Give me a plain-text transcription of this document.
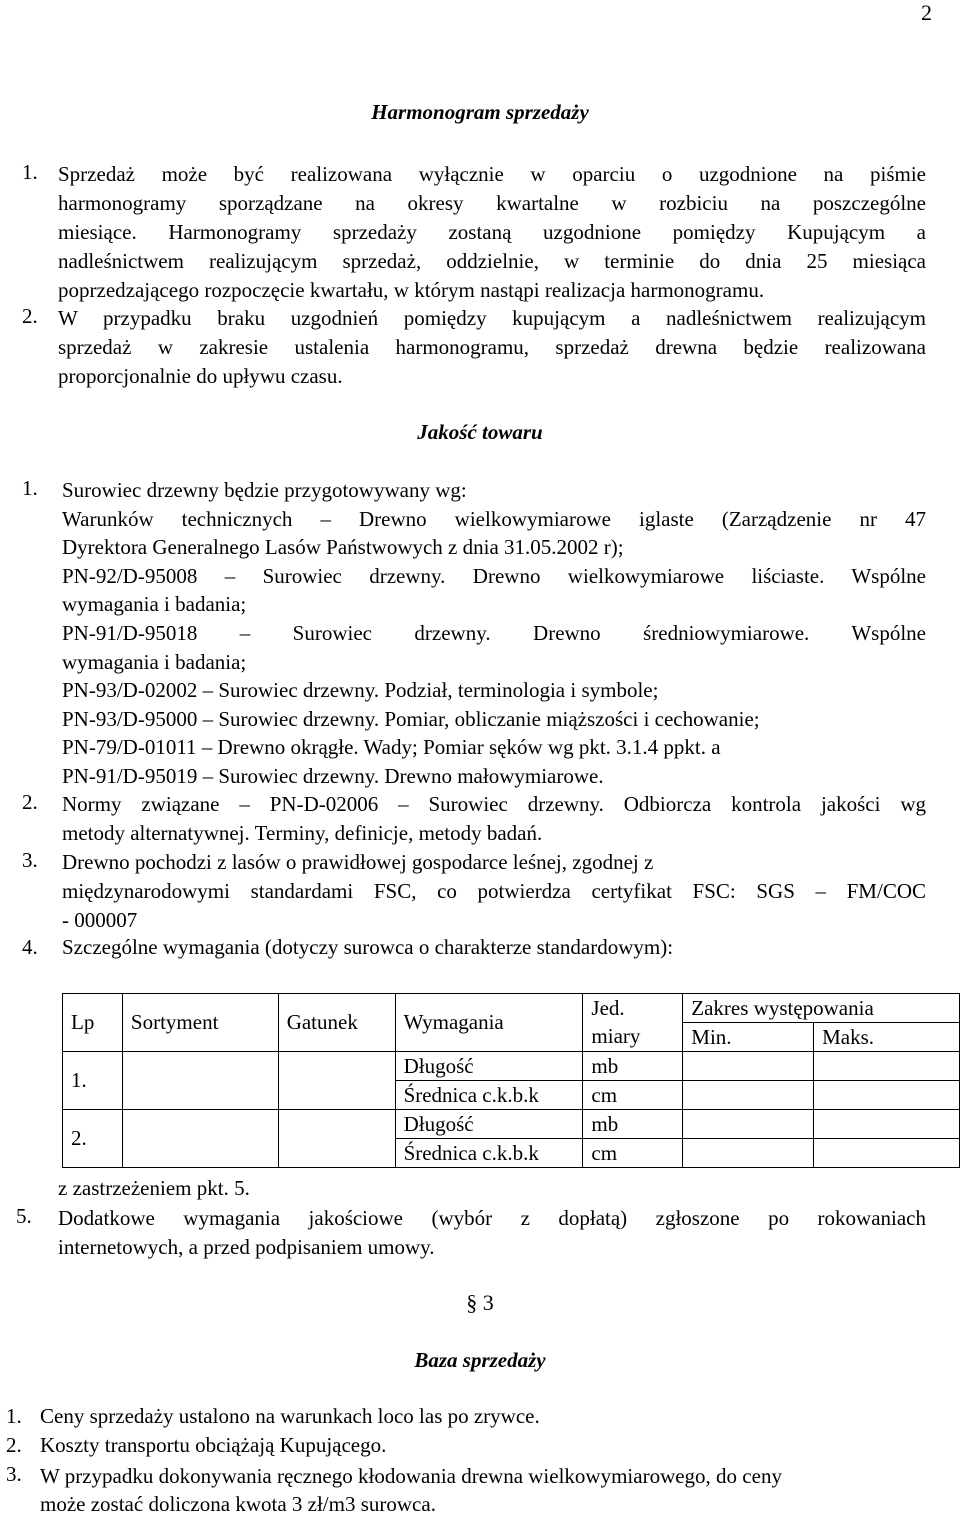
2
Harmonogram sprzedaży
1. Sprzedaż może być realizowana wyłącznie w oparciu o uzgodnione na piśmie
harmonogramy sporządzane na okresy kwartalne w rozbiciu na poszczególne
miesiące. Harmonogramy sprzedaży zostaną uzgodnione pomiędzy Kupującym a
nadleśnictwem realizującym sprzedaż, oddzielnie, w terminie do dnia 25 miesiąca
poprzedzającego rozpoczęcie kwartału, w którym nastąpi realizacja harmonogramu.
2. W przypadku braku uzgodnień pomiędzy kupującym a nadleśnictwem realizującym
sprzedaż w zakresie ustalenia harmonogramu, sprzedaż drewna będzie realizowana
proporcjonalnie do upływu czasu.
Jakość towaru
1. Surowiec drzewny będzie przygotowywany wg:
Warunków technicznych – Drewno wielkowymiarowe iglaste (Zarządzenie nr 47
Dyrektora Generalnego Lasów Państwowych z dnia 31.05.2002 r);
PN-92/D-95008 – Surowiec drzewny. Drewno wielkowymiarowe liściaste. Wspólne
wymagania i badania;
PN-91/D-95018 – Surowiec drzewny. Drewno średniowymiarowe. Wspólne
wymagania i badania;
PN-93/D-02002 – Surowiec drzewny. Podział, terminologia i symbole;
PN-93/D-95000 – Surowiec drzewny. Pomiar, obliczanie miąższości i cechowanie;
PN-79/D-01011 – Drewno okrągłe. Wady; Pomiar sęków wg pkt. 3.1.4 ppkt. a
PN-91/D-95019 – Surowiec drzewny. Drewno małowymiarowe.
2. Normy związane – PN-D-02006 – Surowiec drzewny. Odbiorcza kontrola jakości wg
metody alternatywnej. Terminy, definicje, metody badań.
3. Drewno pochodzi z lasów o prawidłowej gospodarce leśnej, zgodnej z
międzynarodowymi standardami FSC, co potwierdza certyfikat FSC: SGS – FM/COC
- 000007
4. Szczególne wymagania (dotyczy surowca o charakterze standardowym):
Lp	Sortyment	Gatunek	Wymagania	Jed.	Zakres występowania	
				miary	Min.	Maks.
1.			Długość	mb		
			Średnica c.k.b.k	cm		
2.			Długość	mb		
			Średnica c.k.b.k	cm		
z zastrzeżeniem pkt. 5.
5. Dodatkowe wymagania jakościowe (wybór z dopłatą) zgłoszone po rokowaniach
internetowych, a przed podpisaniem umowy.
§ 3
Baza sprzedaży
1. Ceny sprzedaży ustalono na warunkach loco las po zrywce.
2. Koszty transportu obciążają Kupującego.
3. W przypadku dokonywania ręcznego kłodowania drewna wielkowymiarowego, do ceny
może zostać doliczona kwota 3 zł/m3 surowca.
